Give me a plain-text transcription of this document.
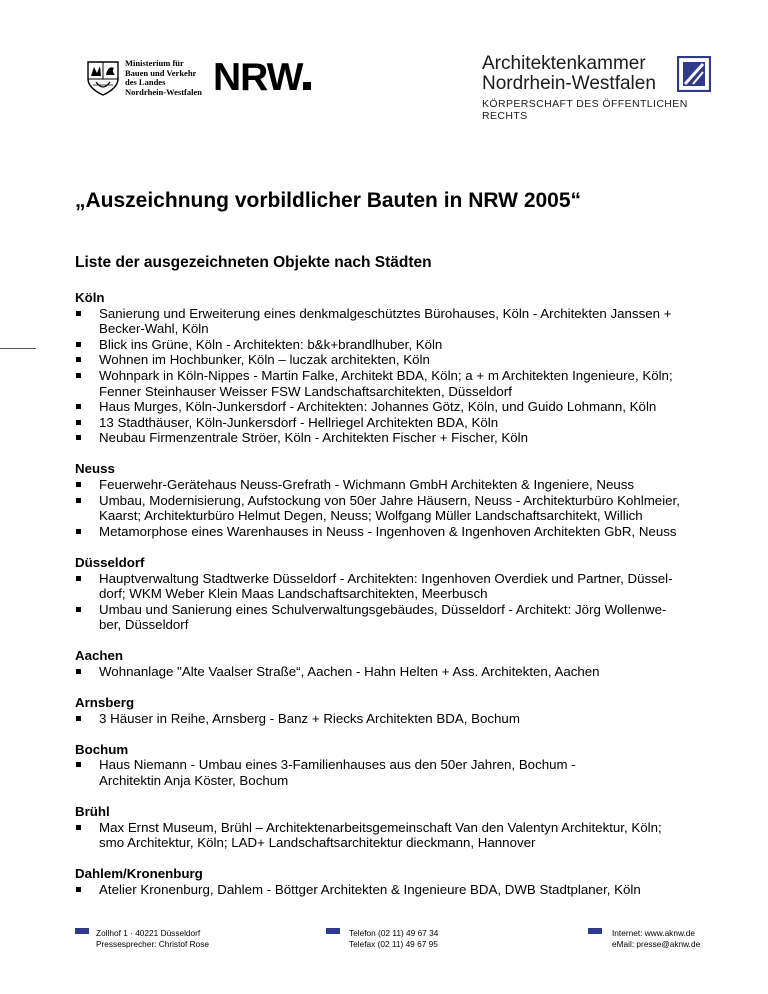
Ministerium für
Bauen und Verkehr
des Landes
Nordrhein-Westfalen NRW	Architektenkammer
Nordrhein-Westfalen
KÖRPERSCHAFT DES ÖFFENTLICHEN RECHTS
„Auszeichnung vorbildlicher Bauten in NRW 2005“
Liste der ausgezeichneten Objekte nach Städten
Köln
Sanierung und Erweiterung eines denkmalgeschütztes Bürohauses, Köln - Architekten Janssen +
Becker-Wahl, Köln
Blick ins Grüne, Köln - Architekten: b&k+brandlhuber, Köln
Wohnen im Hochbunker, Köln – luczak architekten, Köln
Wohnpark in Köln-Nippes - Martin Falke, Architekt BDA, Köln; a + m Architekten Ingenieure, Köln;
Fenner Steinhauser Weisser FSW Landschaftsarchitekten, Düsseldorf
Haus Murges, Köln-Junkersdorf - Architekten: Johannes Götz, Köln, und Guido Lohmann, Köln
13 Stadthäuser, Köln-Junkersdorf - Hellriegel Architekten BDA, Köln
Neubau Firmenzentrale Ströer, Köln - Architekten Fischer + Fischer, Köln
Neuss
Feuerwehr-Gerätehaus Neuss-Grefrath - Wichmann GmbH Architekten & Ingeniere, Neuss
Umbau, Modernisierung, Aufstockung von 50er Jahre Häusern, Neuss - Architekturbüro Kohlmeier,
Kaarst; Architekturbüro Helmut Degen, Neuss; Wolfgang Müller Landschaftsarchitekt, Willich
Metamorphose eines Warenhauses in Neuss - Ingenhoven & Ingenhoven Architekten GbR, Neuss
Düsseldorf
Hauptverwaltung Stadtwerke Düsseldorf - Architekten: Ingenhoven Overdiek und Partner, Düssel-
dorf; WKM Weber Klein Maas Landschaftsarchitekten, Meerbusch
Umbau und Sanierung eines Schulverwaltungsgebäudes, Düsseldorf - Architekt: Jörg Wollenwe-
ber, Düsseldorf
Aachen
Wohnanlage "Alte Vaalser Straße“, Aachen - Hahn Helten + Ass. Architekten, Aachen
Arnsberg
3 Häuser in Reihe, Arnsberg - Banz + Riecks Architekten BDA, Bochum
Bochum
Haus Niemann - Umbau eines 3-Familienhauses aus den 50er Jahren, Bochum -
Architektin Anja Köster, Bochum
Brühl
Max Ernst Museum, Brühl – Architektenarbeitsgemeinschaft Van den Valentyn Architektur, Köln;
smo Architektur, Köln; LAD+ Landschaftsarchitektur dieckmann, Hannover
Dahlem/Kronenburg
Atelier Kronenburg, Dahlem - Böttger Architekten & Ingenieure BDA, DWB Stadtplaner, Köln
Zollhof 1 · 40221 Düsseldorf
Pressesprecher: Christof Rose
Telefon (02 11) 49 67 34
Telefax (02 11) 49 67 95
Internet: www.aknw.de
eMail: presse@aknw.de
